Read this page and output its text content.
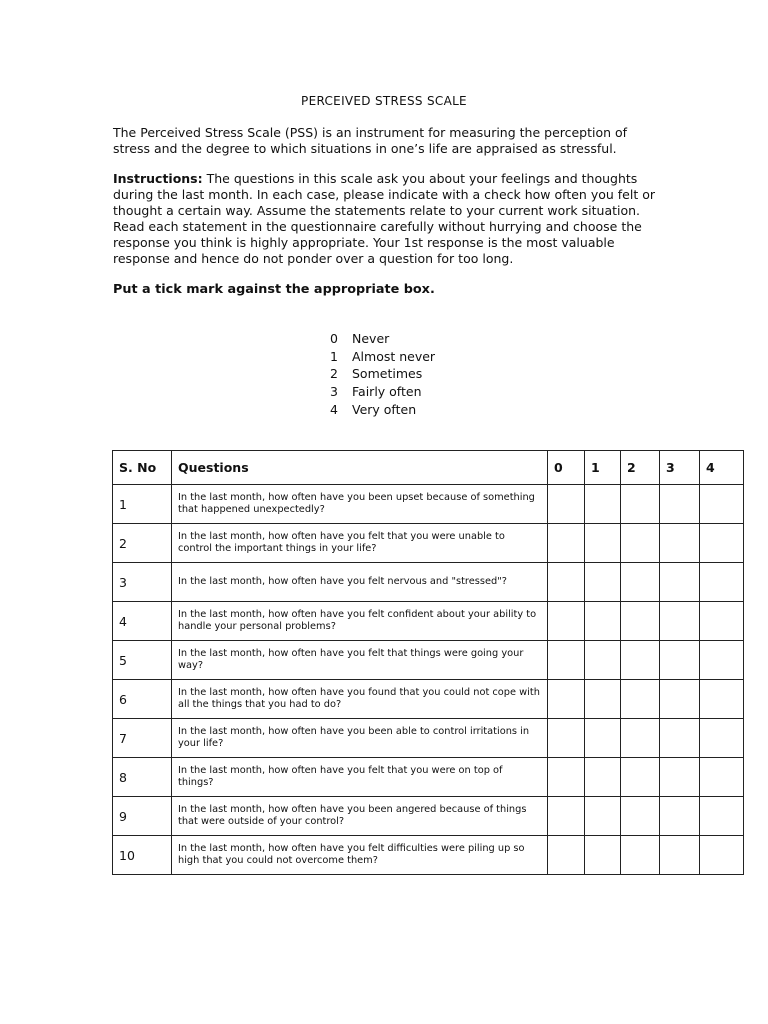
PERCEIVED STRESS SCALE
The Perceived Stress Scale (PSS) is an instrument for measuring the perception of stress and the degree to which situations in one’s life are appraised as stressful.
Instructions: The questions in this scale ask you about your feelings and thoughts during the last month. In each case, please indicate with a check how often you felt or thought a certain way. Assume the statements relate to your current work situation. Read each statement in the questionnaire carefully without hurrying and choose the response you think is highly appropriate. Your 1st response is the most valuable response and hence do not ponder over a question for too long.
Put a tick mark against the appropriate box.
0 Never
1 Almost never
2 Sometimes
3 Fairly often
4 Very often
S. No	Questions	0	1	2	3	4
1	In the last month, how often have you been upset because of something that happened unexpectedly?					
2	In the last month, how often have you felt that you were unable to control the important things in your life?					
3	In the last month, how often have you felt nervous and "stressed"?					
4	In the last month, how often have you felt confident about your ability to handle your personal problems?					
5	In the last month, how often have you felt that things were going your way?					
6	In the last month, how often have you found that you could not cope with all the things that you had to do?					
7	In the last month, how often have you been able to control irritations in your life?					
8	In the last month, how often have you felt that you were on top of things?					
9	In the last month, how often have you been angered because of things that were outside of your control?					
10	In the last month, how often have you felt difficulties were piling up so high that you could not overcome them?					
